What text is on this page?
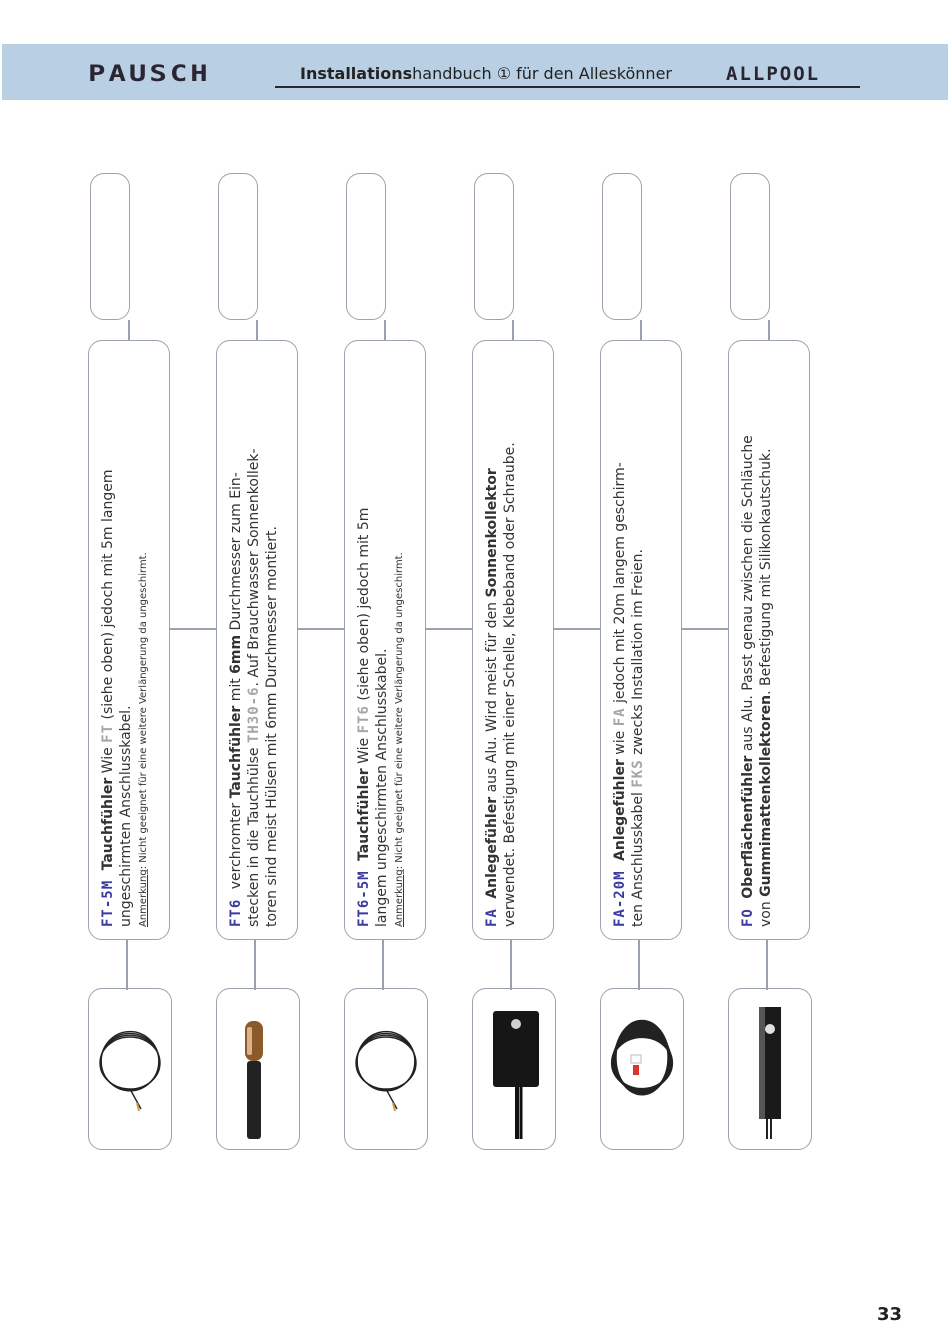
PAUSCH	Installationshandbuch ① für den Alleskönner	ALLPOOL
FT-5M Tauchfühler Wie FT (siehe oben) jedoch mit 5m langem
ungeschirmten Anschlusskabel. Anmerkung: Nicht geeignet für eine weitere Verlängerung da ungeschirmt.
FT6 verchromter Tauchfühler mit 6mm Durchmesser zum Ein-
stecken in die Tauchhülse TH30-6. Auf Brauchwasser Sonnenkollek- toren sind meist Hülsen mit 6mm Durchmesser montiert.	FT6-5M Tauchfühler Wie FT6 (siehe oben) jedoch mit 5m
langem ungeschirmten Anschlusskabel. Anmerkung: Nicht geeignet für eine weitere Verlängerung da ungeschirmt.
FA Anlegefühler aus Alu. Wird meist für den Sonnenkollektor verwendet. Befestigung mit einer Schelle, Klebeband oder Schraube.	FA-20M Anlegefühler wie FA jedoch mit 20m langem geschirm-
ten Anschlusskabel FKS zwecks Installation im Freien.
FO Oberflächenfühler aus Alu. Passt genau zwischen die Schläuche
von Gummimattenkollektoren. Befestigung mit Silikonkautschuk.
33
